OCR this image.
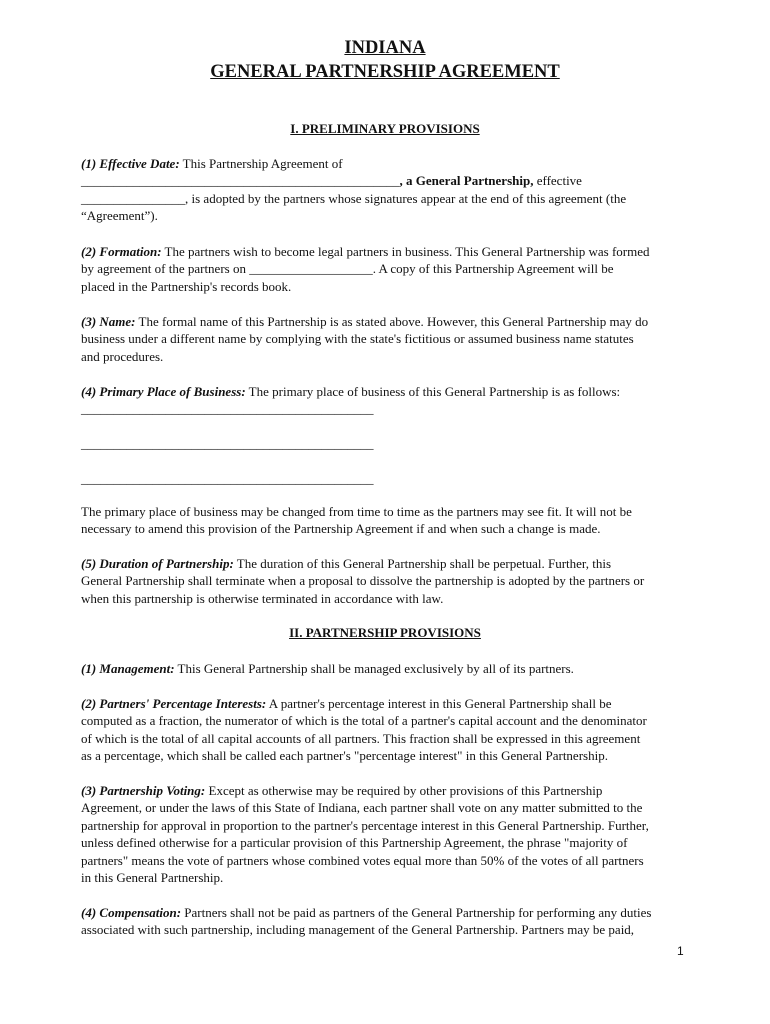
INDIANA
GENERAL PARTNERSHIP AGREEMENT
I. PRELIMINARY PROVISIONS
(1) Effective Date: This Partnership Agreement of
_________________________________________________, a General Partnership, effective
________________, is adopted by the partners whose signatures appear at the end of this agreement (the
“Agreement”).
(2) Formation: The partners wish to become legal partners in business. This General Partnership was formed
by agreement of the partners on ___________________. A copy of this Partnership Agreement will be
placed in the Partnership's records book.
(3) Name: The formal name of this Partnership is as stated above. However, this General Partnership may do
business under a different name by complying with the state's fictitious or assumed business name statutes
and procedures.
(4) Primary Place of Business: The primary place of business of this General Partnership is as follows:
_____________________________________________
_____________________________________________
_____________________________________________
The primary place of business may be changed from time to time as the partners may see fit. It will not be
necessary to amend this provision of the Partnership Agreement if and when such a change is made.
(5) Duration of Partnership: The duration of this General Partnership shall be perpetual. Further, this
General Partnership shall terminate when a proposal to dissolve the partnership is adopted by the partners or
when this partnership is otherwise terminated in accordance with law.
II. PARTNERSHIP PROVISIONS
(1) Management: This General Partnership shall be managed exclusively by all of its partners.
(2) Partners' Percentage Interests: A partner's percentage interest in this General Partnership shall be
computed as a fraction, the numerator of which is the total of a partner's capital account and the denominator
of which is the total of all capital accounts of all partners. This fraction shall be expressed in this agreement
as a percentage, which shall be called each partner's "percentage interest" in this General Partnership.
(3) Partnership Voting: Except as otherwise may be required by other provisions of this Partnership
Agreement, or under the laws of this State of Indiana, each partner shall vote on any matter submitted to the
partnership for approval in proportion to the partner's percentage interest in this General Partnership. Further,
unless defined otherwise for a particular provision of this Partnership Agreement, the phrase "majority of
partners" means the vote of partners whose combined votes equal more than 50% of the votes of all partners
in this General Partnership.
(4) Compensation: Partners shall not be paid as partners of the General Partnership for performing any duties
associated with such partnership, including management of the General Partnership. Partners may be paid,
1
